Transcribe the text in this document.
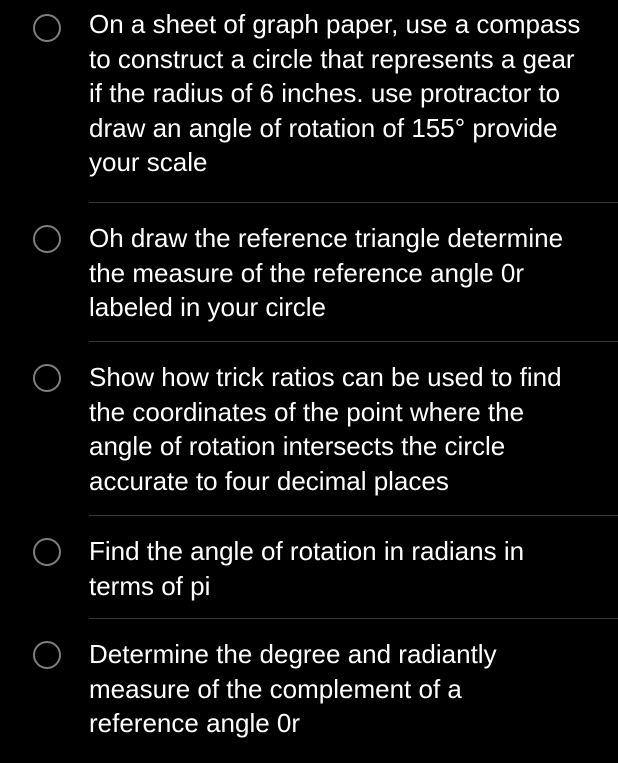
On a sheet of graph paper, use a compass
to construct a circle that represents a gear
if the radius of 6 inches. use protractor to
draw an angle of rotation of 155° provide
your scale

Oh draw the reference triangle determine
the measure of the reference angle 0r
labeled in your circle

Show how trick ratios can be used to find
the coordinates of the point where the
angle of rotation intersects the circle
accurate to four decimal places

Find the angle of rotation in radians in
terms of pi

Determine the degree and radiantly
measure of the complement of a
reference angle 0r
